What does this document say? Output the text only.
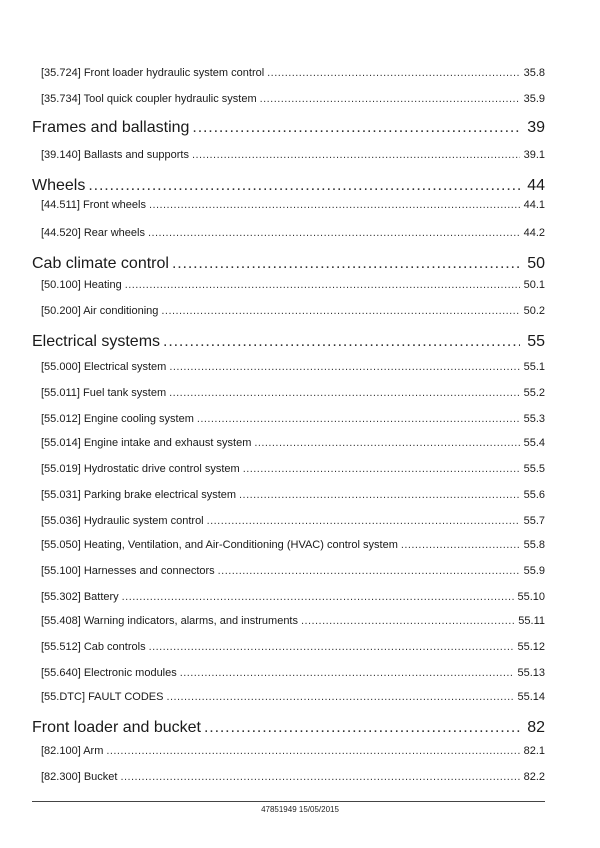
[35.724] Front loader hydraulic system control . . .	35.8
[35.734] Tool quick coupler hydraulic system . . .	35.9
Frames and ballasting . . .	39
[39.140] Ballasts and supports . . .	39.1
Wheels . . .	44
[44.511] Front wheels . . .	44.1
[44.520] Rear wheels . . .	44.2
Cab climate control . . .	50
[50.100] Heating . . .	50.1
[50.200] Air conditioning . . .	50.2
Electrical systems . . .	55
[55.000] Electrical system . . .	55.1
[55.011] Fuel tank system . . .	55.2
[55.012] Engine cooling system . . .	55.3
[55.014] Engine intake and exhaust system . . .	55.4
[55.019] Hydrostatic drive control system . . .	55.5
[55.031] Parking brake electrical system . . .	55.6
[55.036] Hydraulic system control . . .	55.7
[55.050] Heating, Ventilation, and Air-Conditioning (HVAC) control system . . .	55.8
[55.100] Harnesses and connectors . . .	55.9
[55.302] Battery . . .	55.10
[55.408] Warning indicators, alarms, and instruments . . .	55.11
[55.512] Cab controls . . .	55.12
[55.640] Electronic modules . . .	55.13
[55.DTC] FAULT CODES . . .	55.14
Front loader and bucket . . .	82
[82.100] Arm . . .	82.1
[82.300] Bucket . . .	82.2
47851949 15/05/2015
